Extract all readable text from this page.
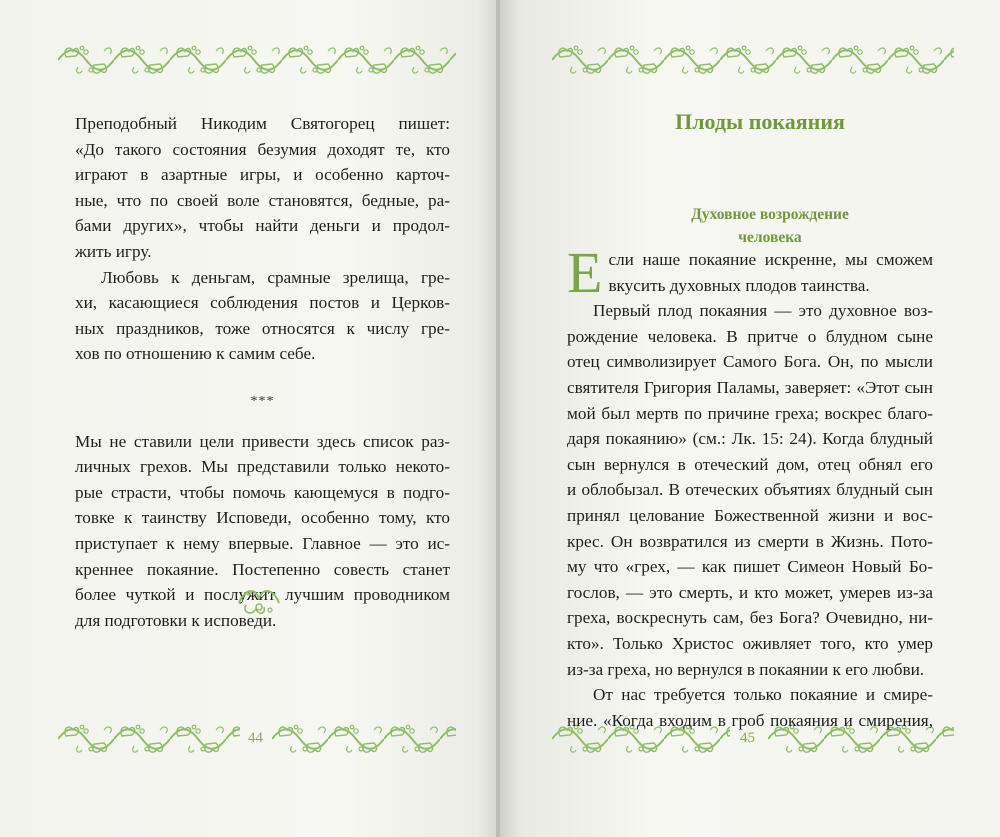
Преподобный Никодим Святогорец пишет:

«До такого состояния безумия доходят те, кто

играют в азартные игры, и особенно карточ-

ные, что по своей воле становятся, бедные, ра-

бами других», чтобы найти деньги и продол-

жить игру.

Любовь к деньгам, срамные зрелища, гре-

хи, касающиеся соблюдения постов и Церков-

ных праздников, тоже относятся к числу гре-

хов по отношению к самим себе.

***

Мы не ставили цели привести здесь список раз-

личных грехов. Мы представили только некото-

рые страсти, чтобы помочь кающемуся в подго-

товке к таинству Исповеди, особенно тому, кто

приступает к нему впервые. Главное — это ис-

креннее покаяние. Постепенно совесть станет

более чуткой и послужит лучшим проводником

для подготовки к исповеди.

44	45
Плоды покаяния
Духовное возрождение
человека
Е сли наше покаяние искренне, мы сможем

вкусить духовных плодов таинства.

Первый плод покаяния — это духовное воз-

рождение человека. В притче о блудном сыне

отец символизирует Самого Бога. Он, по мысли

святителя Григория Паламы, заверяет: «Этот сын

мой был мертв по причине греха; воскрес благо-

даря покаянию» (см.: Лк. 15: 24). Когда блудный

сын вернулся в отеческий дом, отец обнял его

и облобызал. В отеческих объятиях блудный сын

принял целование Божественной жизни и вос-

крес. Он возвратился из смерти в Жизнь. Пото-

му что «грех, — как пишет Симеон Новый Бо-

гослов, — это смерть, и кто может, умерев из-за

греха, воскреснуть сам, без Бога? Очевидно, ни-

кто». Только Христос оживляет того, кто умер

из-за греха, но вернулся в покаянии к его любви.

От нас требуется только покаяние и смире-

ние. «Когда входим в гроб покаяния и смирения,
